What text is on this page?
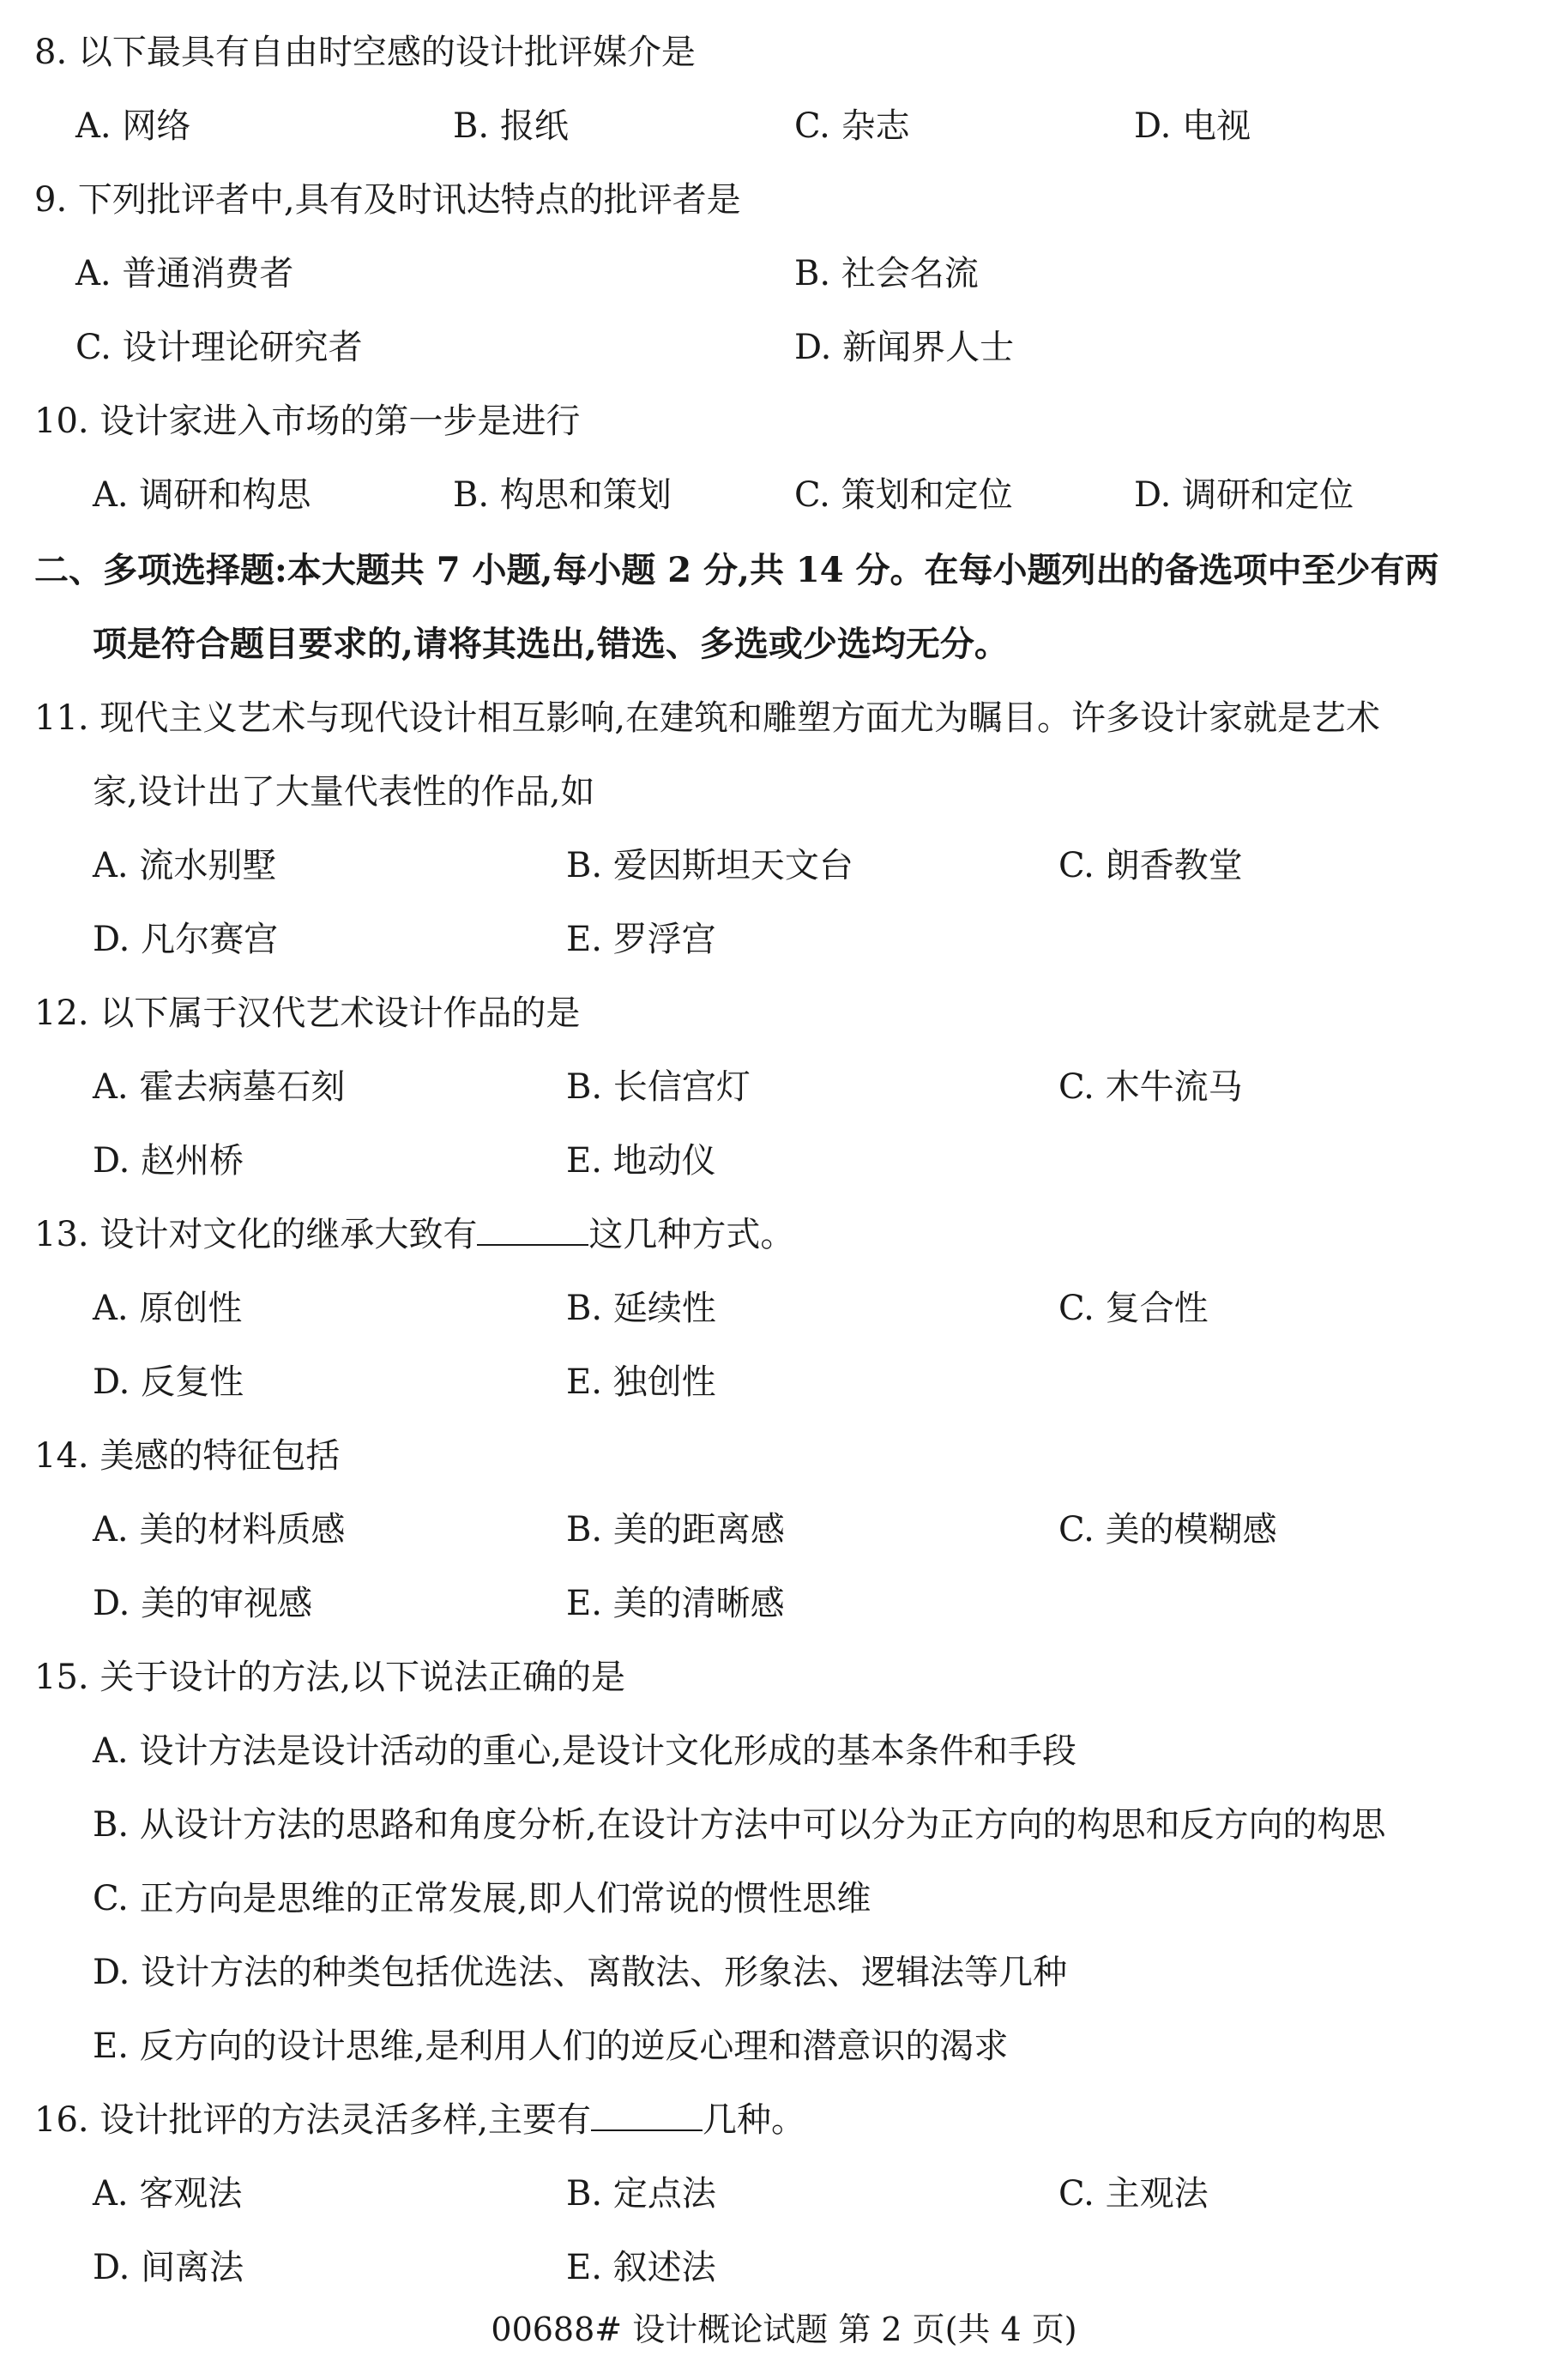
8. 以下最具有自由时空感的设计批评媒介是
A. 网络	B. 报纸	C. 杂志	D. 电视
9. 下列批评者中,具有及时讯达特点的批评者是
A. 普通消费者	B. 社会名流
C. 设计理论研究者	D. 新闻界人士
10. 设计家进入市场的第一步是进行
A. 调研和构思	B. 构思和策划	C. 策划和定位	D. 调研和定位
二、多项选择题:本大题共 7 小题,每小题 2 分,共 14 分。在每小题列出的备选项中至少有两
项是符合题目要求的,请将其选出,错选、多选或少选均无分。
11. 现代主义艺术与现代设计相互影响,在建筑和雕塑方面尤为瞩目。许多设计家就是艺术
家,设计出了大量代表性的作品,如
A. 流水别墅	B. 爱因斯坦天文台	C. 朗香教堂
D. 凡尔赛宫	E. 罗浮宫
12. 以下属于汉代艺术设计作品的是
A. 霍去病墓石刻	B. 长信宫灯	C. 木牛流马
D. 赵州桥	E. 地动仪
13. 设计对文化的继承大致有	这几种方式。
A. 原创性	B. 延续性	C. 复合性
D. 反复性	E. 独创性
14. 美感的特征包括
A. 美的材料质感	B. 美的距离感	C. 美的模糊感
D. 美的审视感	E. 美的清晰感
15. 关于设计的方法,以下说法正确的是
A. 设计方法是设计活动的重心,是设计文化形成的基本条件和手段
B. 从设计方法的思路和角度分析,在设计方法中可以分为正方向的构思和反方向的构思
C. 正方向是思维的正常发展,即人们常说的惯性思维
D. 设计方法的种类包括优选法、离散法、形象法、逻辑法等几种
E. 反方向的设计思维,是利用人们的逆反心理和潜意识的渴求
16. 设计批评的方法灵活多样,主要有	几种。
A. 客观法	B. 定点法	C. 主观法
D. 间离法	E. 叙述法
00688# 设计概论试题 第 2 页(共 4 页)
